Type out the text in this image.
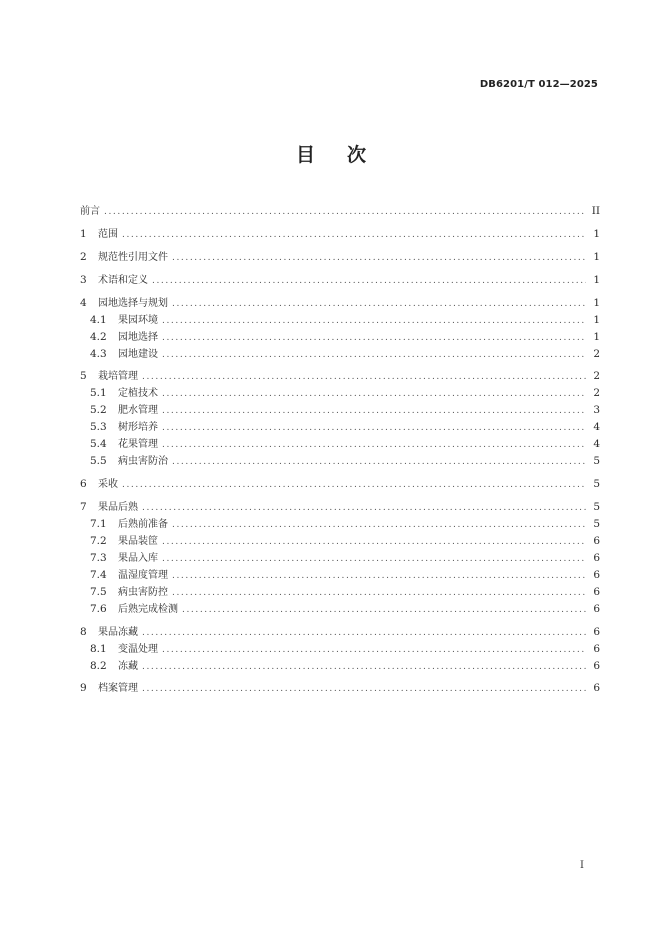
DB6201/T 012—2025
目 次
前言 .....	II
1	范围 .....	1
2	规范性引用文件 .....	1
3	术语和定义 .....	1
4	园地选择与规划 .....	1
4.1	果园环境 .....	1
4.2	园地选择 .....	1
4.3	园地建设 .....	2
5	栽培管理 .....	2
5.1	定植技术 .....	2
5.2	肥水管理 .....	3
5.3	树形培养 .....	4
5.4	花果管理 .....	4
5.5	病虫害防治 .....	5
6	采收 .....	5
7	果品后熟 .....	5
7.1	后熟前准备 .....	5
7.2	果品装筐 .....	6
7.3	果品入库 .....	6
7.4	温湿度管理 .....	6
7.5	病虫害防控 .....	6
7.6	后熟完成检测 .....	6
8	果品冻藏 .....	6
8.1	变温处理 .....	6
8.2	冻藏 .....	6
9	档案管理 .....	6
I
